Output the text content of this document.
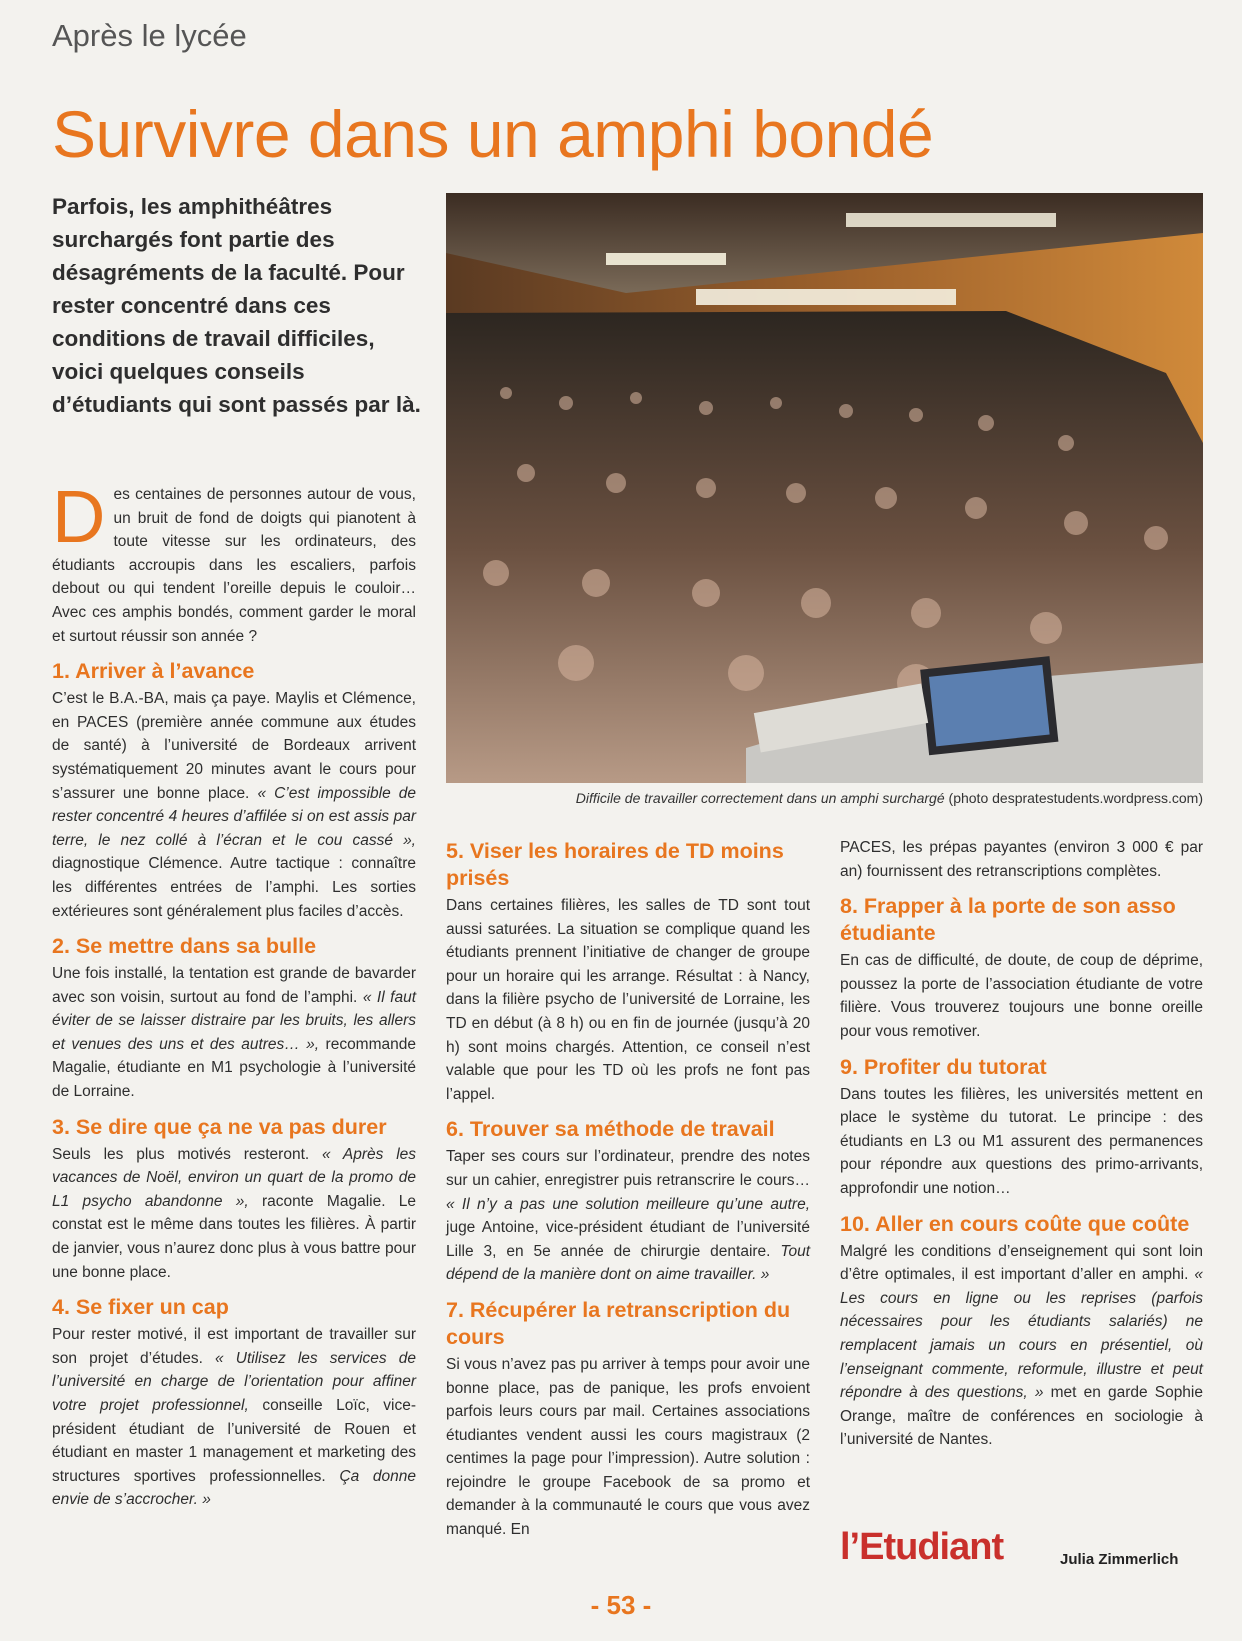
Après le lycée
Survivre dans un amphi bondé
Parfois, les amphithéâtres surchargés font partie des désagréments de la faculté. Pour rester concentré dans ces conditions de travail difficiles, voici quelques conseils d’étudiants qui sont passés par là.
Difficile de travailler correctement dans un amphi surchargé (photo despratestudents.wordpress.com)

Des centaines de personnes autour de vous, un bruit de fond de doigts qui pianotent à toute vitesse sur les ordinateurs, des étudiants accroupis dans les escaliers, parfois debout ou qui tendent l’oreille depuis le couloir… Avec ces amphis bondés, comment garder le moral et surtout réussir son année ?

1. Arriver à l’avance

C’est le B.A.-BA, mais ça paye. Maylis et Clémence, en PACES (première année commune aux études de santé) à l’université de Bordeaux arrivent systématiquement 20 minutes avant le cours pour s’assurer une bonne place. « C’est impossible de rester concentré 4 heures d’affilée si on est assis par terre, le nez collé à l’écran et le cou cassé », diagnostique Clémence. Autre tactique : connaître les différentes entrées de l’amphi. Les sorties extérieures sont généralement plus faciles d’accès.

2. Se mettre dans sa bulle

Une fois installé, la tentation est grande de bavarder avec son voisin, surtout au fond de l’amphi. « Il faut éviter de se laisser distraire par les bruits, les allers et venues des uns et des autres… », recommande Magalie, étudiante en M1 psychologie à l’université de Lorraine.

3. Se dire que ça ne va pas durer

Seuls les plus motivés resteront. « Après les vacances de Noël, environ un quart de la promo de L1 psycho abandonne », raconte Magalie. Le constat est le même dans toutes les filières. À partir de janvier, vous n’aurez donc plus à vous battre pour une bonne place.

4. Se fixer un cap

Pour rester motivé, il est important de travailler sur son projet d’études. « Utilisez les services de l’université en charge de l’orientation pour affiner votre projet professionnel, conseille Loïc, vice-président étudiant de l’université de Rouen et étudiant en master 1 management et marketing des structures sportives professionnelles. Ça donne envie de s’accrocher. »

5. Viser les horaires de TD moins prisés

Dans certaines filières, les salles de TD sont tout aussi saturées. La situation se complique quand les étudiants prennent l’initiative de changer de groupe pour un horaire qui les arrange. Résultat : à Nancy, dans la filière psycho de l’université de Lorraine, les TD en début (à 8 h) ou en fin de journée (jusqu’à 20 h) sont moins chargés. Attention, ce conseil n’est valable que pour les TD où les profs ne font pas l’appel.

6. Trouver sa méthode de travail

Taper ses cours sur l’ordinateur, prendre des notes sur un cahier, enregistrer puis retranscrire le cours… « Il n’y a pas une solution meilleure qu’une autre, juge Antoine, vice-président étudiant de l’université Lille 3, en 5e année de chirurgie dentaire. Tout dépend de la manière dont on aime travailler. »

7. Récupérer la retranscription du cours

Si vous n’avez pas pu arriver à temps pour avoir une bonne place, pas de panique, les profs envoient parfois leurs cours par mail. Certaines associations étudiantes vendent aussi les cours magistraux (2 centimes la page pour l’impression). Autre solution : rejoindre le groupe Facebook de sa promo et demander à la communauté le cours que vous avez manqué. En

PACES, les prépas payantes (environ 3 000 € par an) fournissent des retranscriptions complètes.

8. Frapper à la porte de son asso étudiante

En cas de difficulté, de doute, de coup de déprime, poussez la porte de l’association étudiante de votre filière. Vous trouverez toujours une bonne oreille pour vous remotiver.

9. Profiter du tutorat

Dans toutes les filières, les universités mettent en place le système du tutorat. Le principe : des étudiants en L3 ou M1 assurent des permanences pour répondre aux questions des primo-arrivants, approfondir une notion…

10. Aller en cours coûte que coûte

Malgré les conditions d’enseignement qui sont loin d’être optimales, il est important d’aller en amphi. « Les cours en ligne ou les reprises (parfois nécessaires pour les étudiants salariés) ne remplacent jamais un cours en présentiel, où l’enseignant commente, reformule, illustre et peut répondre à des questions, » met en garde Sophie Orange, maître de conférences en sociologie à l’université de Nantes.

l’Etudiant	Julia Zimmerlich
- 53 -
